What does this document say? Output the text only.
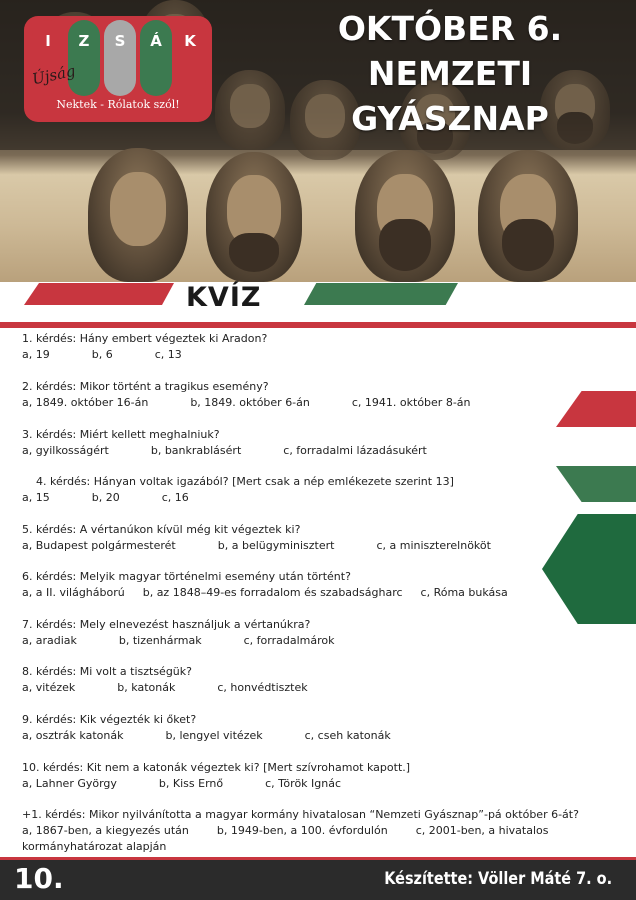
I	Z	S	Á	K
Újság
Nektek - Rólatok szól!
OKTÓBER 6.
NEMZETI
GYÁSZNAP
KVÍZ
1. kérdés: Hány embert végeztek ki Aradon?
a, 19	b, 6	c, 13
2. kérdés: Mikor történt a tragikus esemény?
a, 1849. október 16-án	b, 1849. október 6-án	c, 1941. október 8-án
3. kérdés: Miért kellett meghalniuk?
a, gyilkosságért	b, bankrablásért	c, forradalmi lázadásukért
4. kérdés: Hányan voltak igazából? [Mert csak a nép emlékezete szerint 13]
a, 15	b, 20	c, 16
5. kérdés: A vértanúkon kívül még kit végeztek ki?
a, Budapest polgármesterét	b, a belügyminisztert	c, a miniszterelnököt
6. kérdés: Melyik magyar történelmi esemény után történt?
a, a II. világháború b, az 1848–49-es forradalom és szabadságharc c, Róma bukása
7. kérdés: Mely elnevezést használjuk a vértanúkra?
a, aradiak	b, tizenhármak	c, forradalmárok
8. kérdés: Mi volt a tisztségük?
a, vitézek	b, katonák	c, honvédtisztek
9. kérdés: Kik végezték ki őket?
a, osztrák katonák	b, lengyel vitézek	c, cseh katonák
10. kérdés: Kit nem a katonák végeztek ki? [Mert szívrohamot kapott.]
a, Lahner György	b, Kiss Ernő	c, Török Ignác
+1. kérdés: Mikor nyilvánította a magyar kormány hivatalosan “Nemzeti Gyásznap”-pá október 6-át?
a, 1867-ben, a kiegyezés után	b, 1949-ben, a 100. évfordulón	c, 2001-ben, a hivatalos kormányhatározat alapján
10.	Készítette: Völler Máté 7. o.
